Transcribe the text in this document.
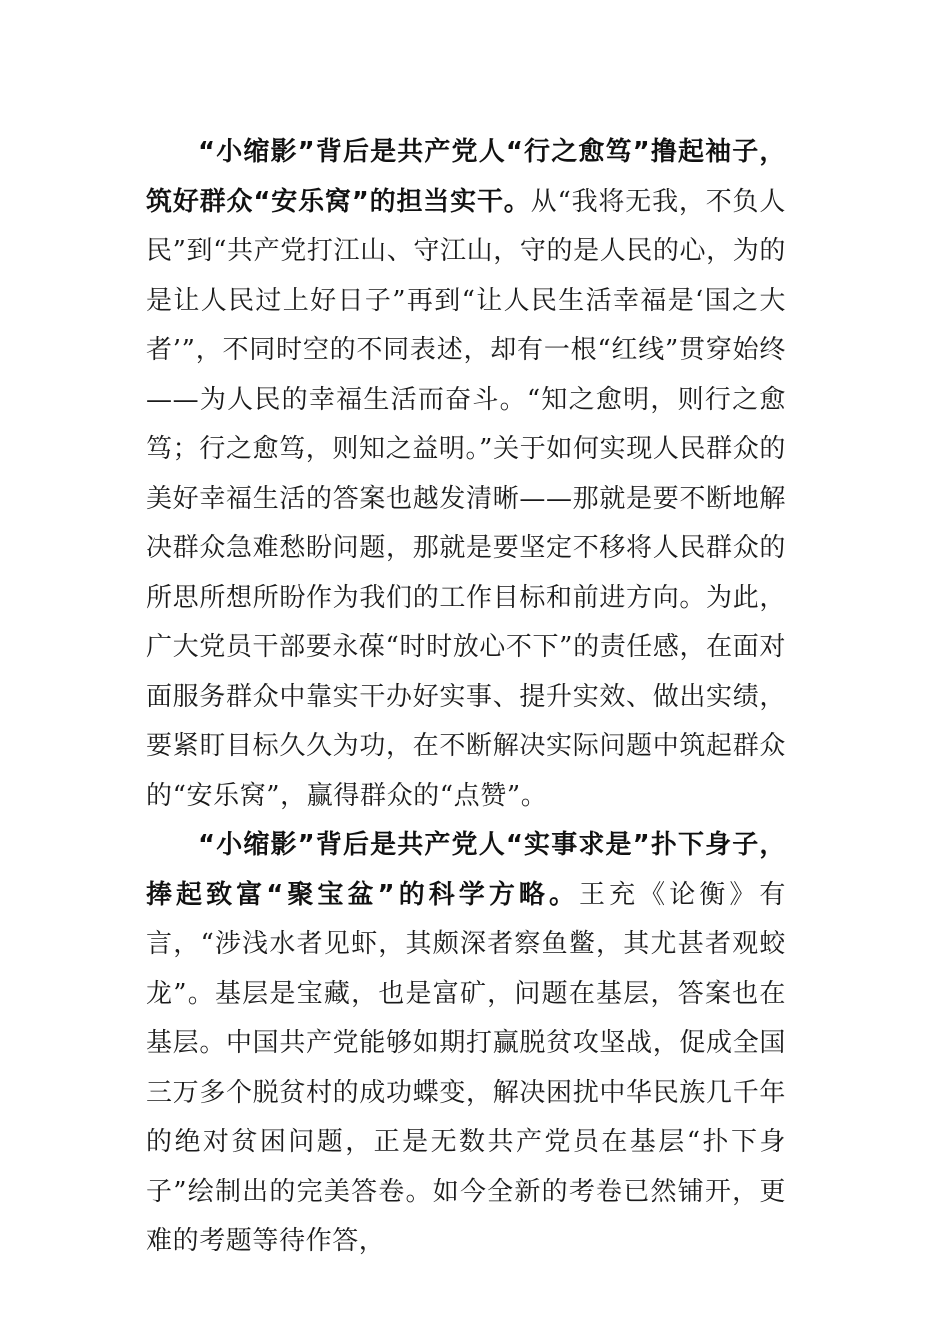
“小缩影”背后是共产党人“行之愈笃”撸起袖子，筑好群众“安乐窝”的担当实干。从“我将无我，不负人民”到“共产党打江山、守江山，守的是人民的心，为的是让人民过上好日子”再到“让人民生活幸福是‘国之大者’”，不同时空的不同表述，却有一根“红线”贯穿始终——为人民的幸福生活而奋斗。“知之愈明，则行之愈笃；行之愈笃，则知之益明。”关于如何实现人民群众的美好幸福生活的答案也越发清晰——那就是要不断地解决群众急难愁盼问题，那就是要坚定不移将人民群众的所思所想所盼作为我们的工作目标和前进方向。为此，广大党员干部要永葆“时时放心不下”的责任感，在面对面服务群众中靠实干办好实事、提升实效、做出实绩，要紧盯目标久久为功，在不断解决实际问题中筑起群众的“安乐窝”，赢得群众的“点赞”。

“小缩影”背后是共产党人“实事求是”扑下身子，捧起致富“聚宝盆”的科学方略。王充《论衡》有言，“涉浅水者见虾，其颇深者察鱼鳖，其尤甚者观蛟龙”。基层是宝藏，也是富矿，问题在基层，答案也在基层。中国共产党能够如期打赢脱贫攻坚战，促成全国三万多个脱贫村的成功蝶变，解决困扰中华民族几千年的绝对贫困问题，正是无数共产党员在基层“扑下身子”绘制出的完美答卷。如今全新的考卷已然铺开，更难的考题等待作答，
